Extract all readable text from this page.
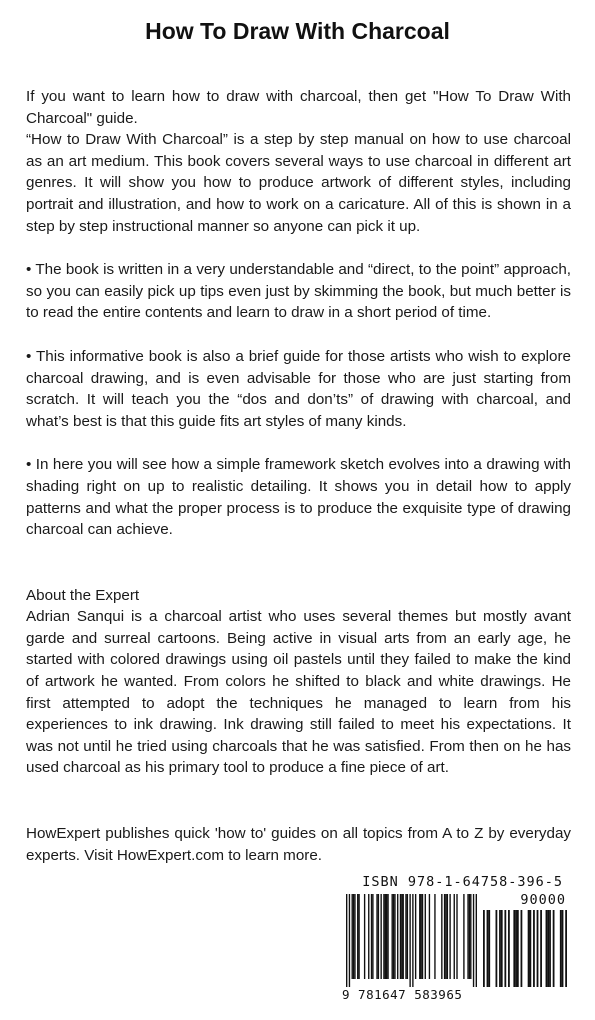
How To Draw With Charcoal

If you want to learn how to draw with charcoal, then get "How To Draw With Charcoal" guide.

“How to Draw With Charcoal” is a step by step manual on how to use charcoal as an art medium. This book covers several ways to use charcoal in different art genres. It will show you how to produce artwork of different styles, including portrait and illustration, and how to work on a caricature. All of this is shown in a step by step instructional manner so anyone can pick it up.

• The book is written in a very understandable and “direct, to the point” approach, so you can easily pick up tips even just by skimming the book, but much better is to read the entire contents and learn to draw in a short period of time.

• This informative book is also a brief guide for those artists who wish to explore charcoal drawing, and is even advisable for those who are just starting from scratch. It will teach you the “dos and don’ts” of drawing with charcoal, and what’s best is that this guide fits art styles of many kinds.

• In here you will see how a simple framework sketch evolves into a drawing with shading right on up to realistic detailing. It shows you in detail how to apply patterns and what the proper process is to produce the exquisite type of drawing charcoal can achieve.

About the Expert

Adrian Sanqui is a charcoal artist who uses several themes but mostly avant garde and surreal cartoons. Being active in visual arts from an early age, he started with colored drawings using oil pastels until they failed to make the kind of artwork he wanted. From colors he shifted to black and white drawings. He first attempted to adopt the techniques he managed to learn from his experiences to ink drawing. Ink drawing still failed to meet his expectations. It was not until he tried using charcoals that he was satisfied. From then on he has used charcoal as his primary tool to produce a fine piece of art.

HowExpert publishes quick 'how to' guides on all topics from A to Z by everyday experts. Visit HowExpert.com to learn more.

ISBN 978-1-64758-396-5
90000
9 781647 583965
